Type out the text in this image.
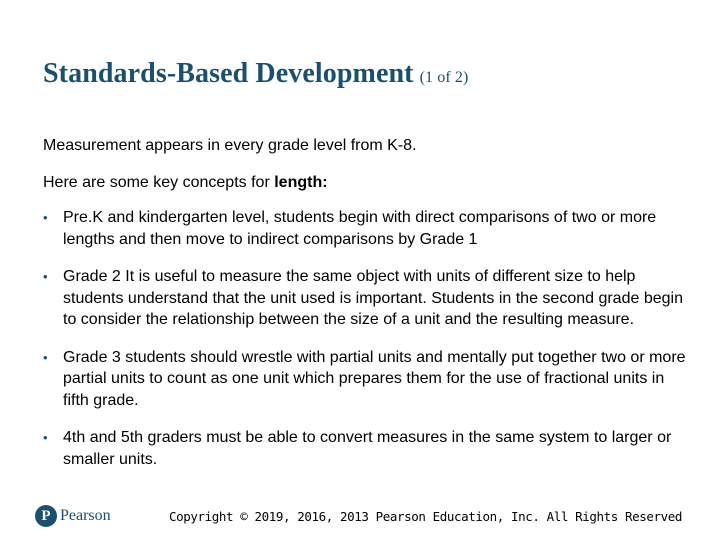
Standards-Based Development (1 of 2)

Measurement appears in every grade level from K-8.

Here are some key concepts for length:

• Pre.K and kindergarten level, students begin with direct comparisons of two or more lengths and then move to indirect comparisons by Grade 1
• Grade 2 It is useful to measure the same object with units of different size to help students understand that the unit used is important. Students in the second grade begin to consider the relationship between the size of a unit and the resulting measure.
• Grade 3 students should wrestle with partial units and mentally put together two or more partial units to count as one unit which prepares them for the use of fractional units in fifth grade.
• 4th and 5th graders must be able to convert measures in the same system to larger or smaller units.
P Pearson	Copyright © 2019, 2016, 2013 Pearson Education, Inc. All Rights Reserved
